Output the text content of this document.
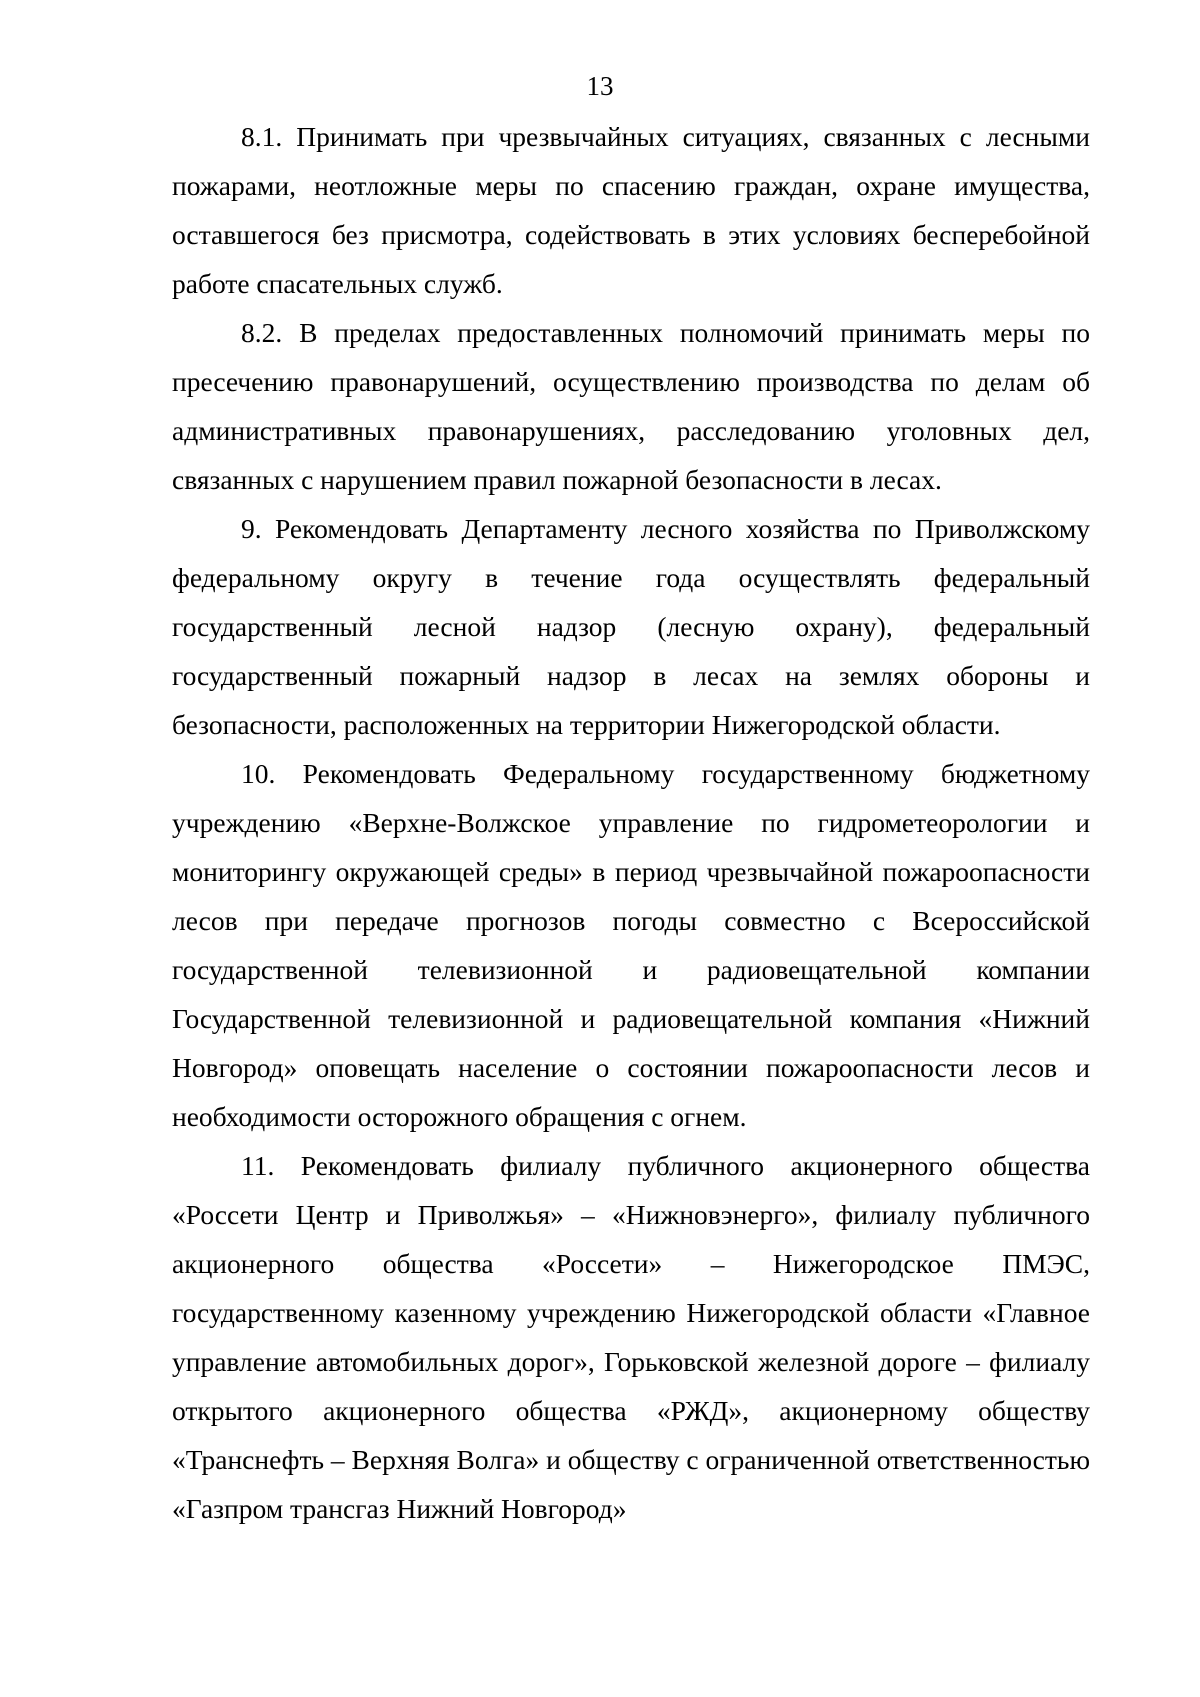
13

8.1. Принимать при чрезвычайных ситуациях, связанных с лесными пожарами, неотложные меры по спасению граждан, охране имущества, оставшегося без присмотра, содействовать в этих условиях бесперебойной работе спасательных служб.

8.2. В пределах предоставленных полномочий принимать меры по пресечению правонарушений, осуществлению производства по делам об административных правонарушениях, расследованию уголовных дел, связанных с нарушением правил пожарной безопасности в лесах.

9. Рекомендовать Департаменту лесного хозяйства по Приволжскому федеральному округу в течение года осуществлять федеральный государственный лесной надзор (лесную охрану), федеральный государственный пожарный надзор в лесах на землях обороны и безопасности, расположенных на территории Нижегородской области.

10. Рекомендовать Федеральному государственному бюджетному учреждению «Верхне-Волжское управление по гидрометеорологии и мониторингу окружающей среды» в период чрезвычайной пожароопасности лесов при передаче прогнозов погоды совместно с Всероссийской государственной телевизионной и радиовещательной компании Государственной телевизионной и радиовещательной компания «Нижний Новгород» оповещать население о состоянии пожароопасности лесов и необходимости осторожного обращения с огнем.

11. Рекомендовать филиалу публичного акционерного общества «Россети Центр и Приволжья» – «Нижновэнерго», филиалу публичного акционерного общества «Россети» – Нижегородское ПМЭС, государственному казенному учреждению Нижегородской области «Главное управление автомобильных дорог», Горьковской железной дороге – филиалу открытого акционерного общества «РЖД», акционерному обществу «Транснефть – Верхняя Волга» и обществу с ограниченной ответственностью «Газпром трансгаз Нижний Новгород»
